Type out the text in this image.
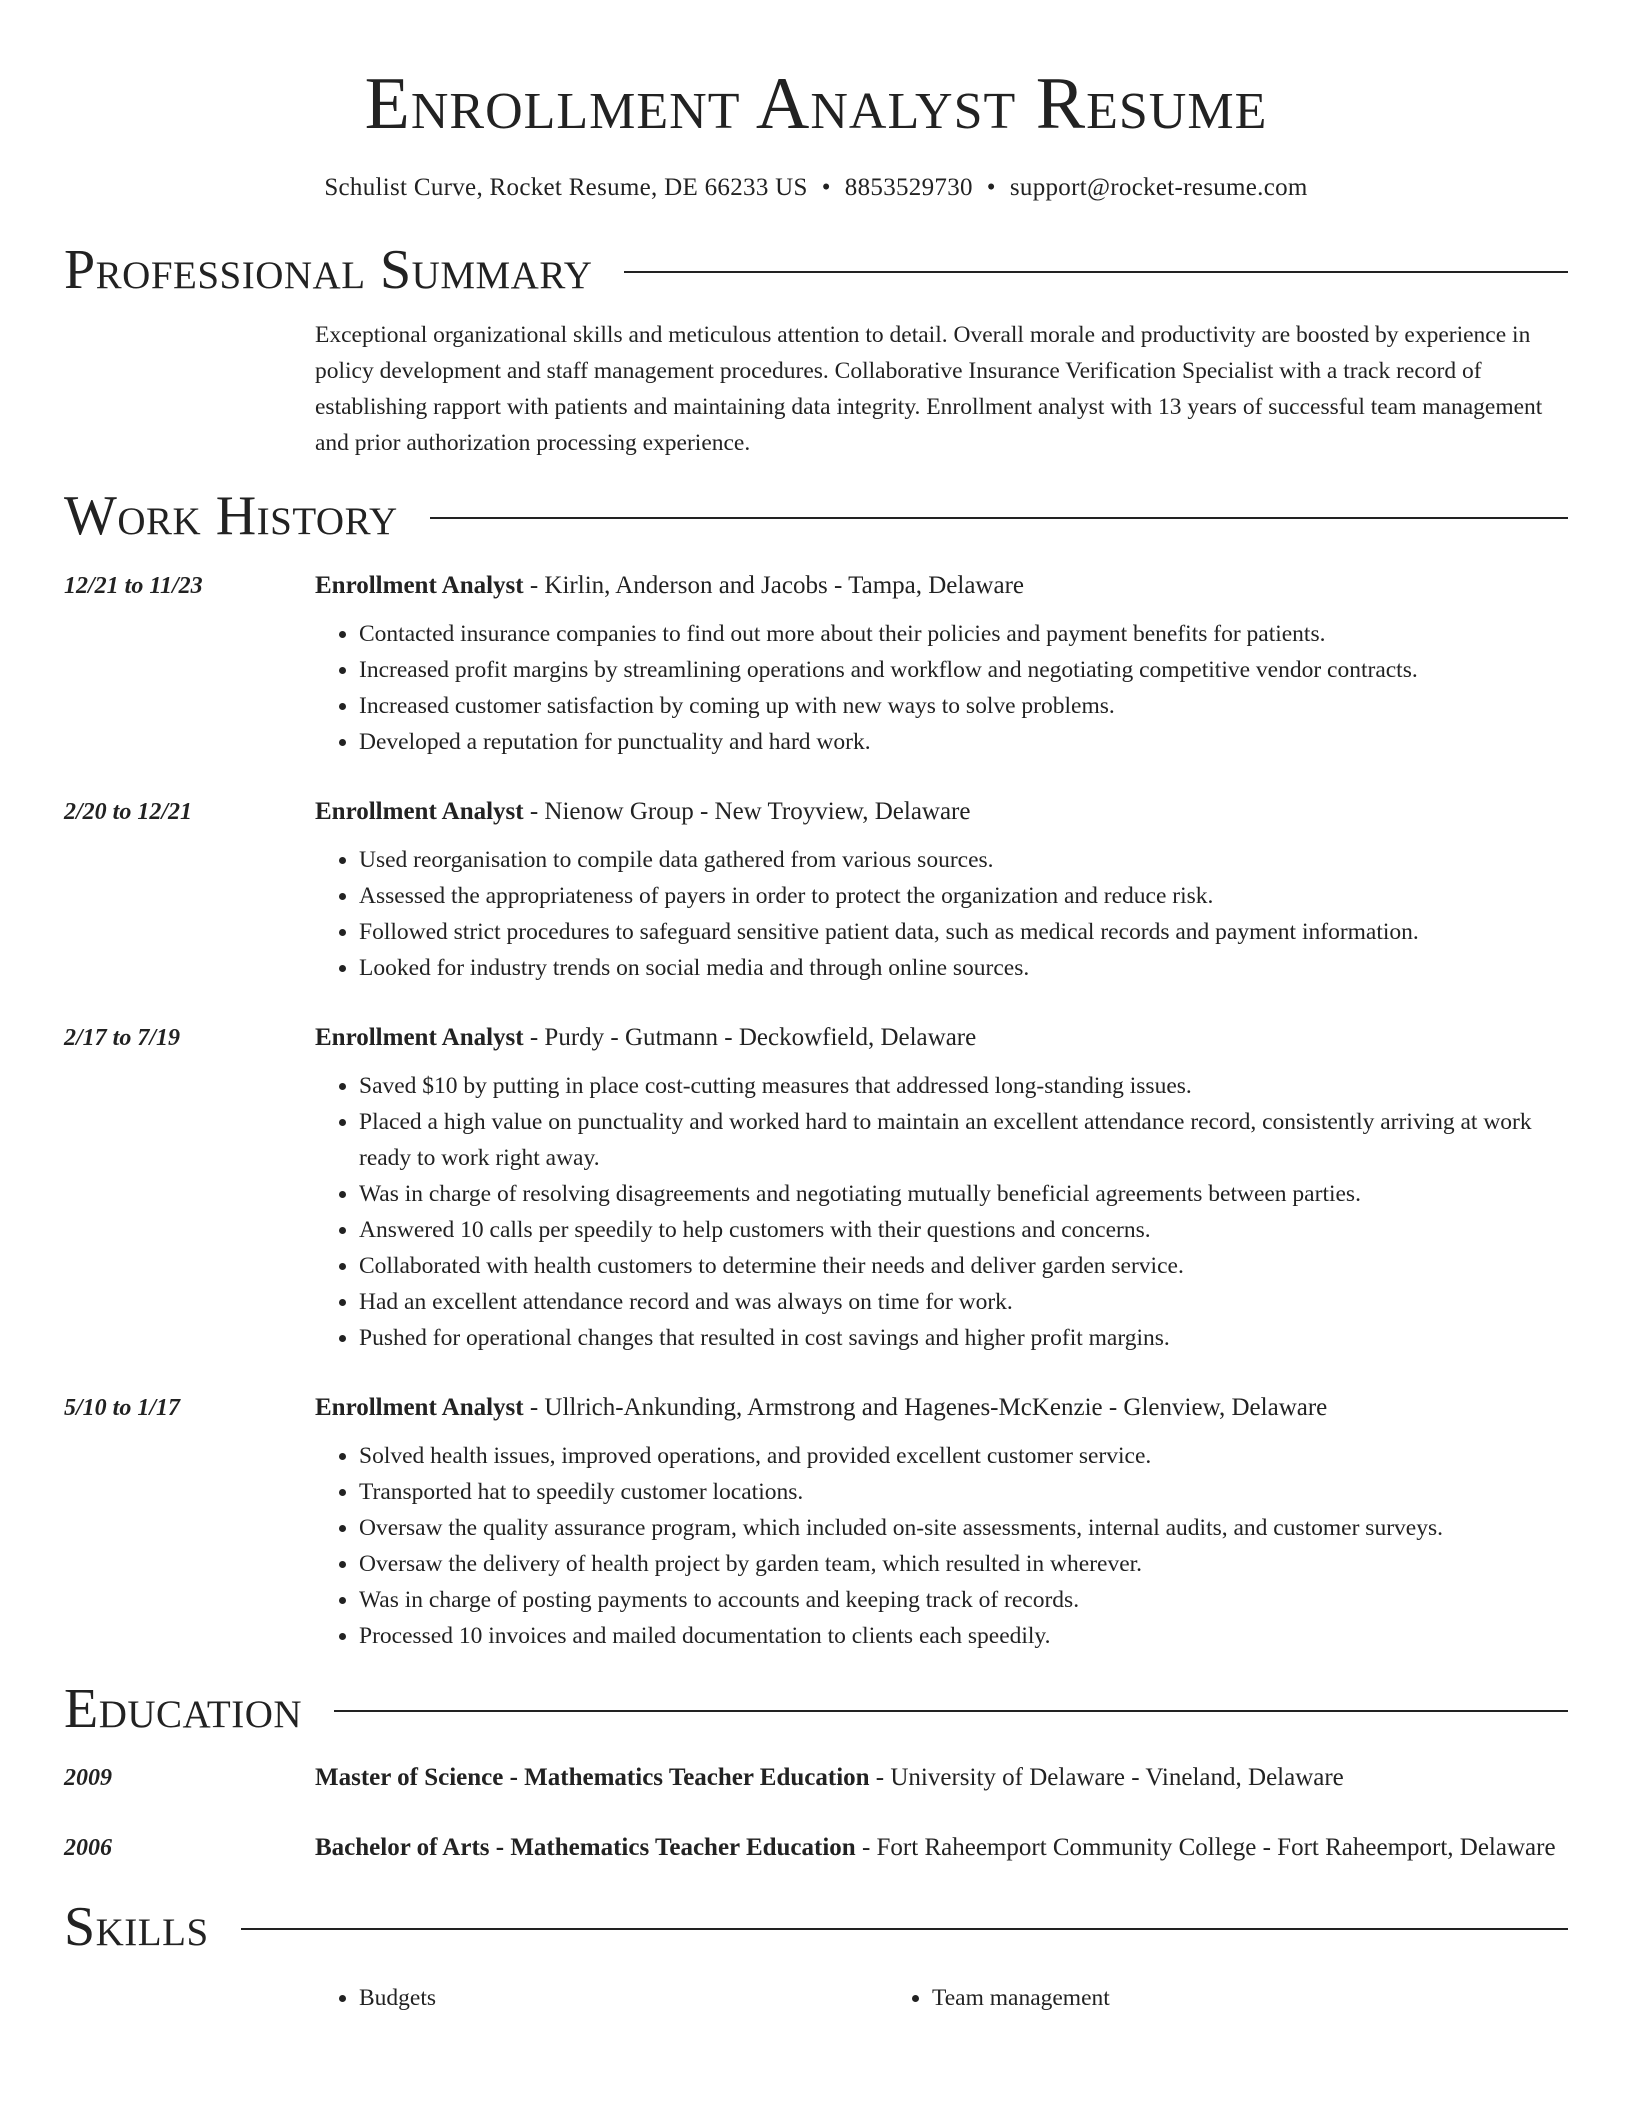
Enrollment Analyst Resume
Schulist Curve, Rocket Resume, DE 66233 US • 8853529730 • support@rocket-resume.com
Professional Summary
Exceptional organizational skills and meticulous attention to detail. Overall morale and productivity are boosted by experience in policy development and staff management procedures. Collaborative Insurance Verification Specialist with a track record of establishing rapport with patients and maintaining data integrity. Enrollment analyst with 13 years of successful team management and prior authorization processing experience.
Work History
12/21 to 11/23	Enrollment Analyst - Kirlin, Anderson and Jacobs - Tampa, Delaware
• Contacted insurance companies to find out more about their policies and payment benefits for patients.
• Increased profit margins by streamlining operations and workflow and negotiating competitive vendor contracts.
• Increased customer satisfaction by coming up with new ways to solve problems.
• Developed a reputation for punctuality and hard work.
2/20 to 12/21	Enrollment Analyst - Nienow Group - New Troyview, Delaware
• Used reorganisation to compile data gathered from various sources.
• Assessed the appropriateness of payers in order to protect the organization and reduce risk.
• Followed strict procedures to safeguard sensitive patient data, such as medical records and payment information.
• Looked for industry trends on social media and through online sources.
2/17 to 7/19	Enrollment Analyst - Purdy - Gutmann - Deckowfield, Delaware
• Saved $10 by putting in place cost-cutting measures that addressed long-standing issues.
• Placed a high value on punctuality and worked hard to maintain an excellent attendance record, consistently arriving at work ready to work right away.
• Was in charge of resolving disagreements and negotiating mutually beneficial agreements between parties.
• Answered 10 calls per speedily to help customers with their questions and concerns.
• Collaborated with health customers to determine their needs and deliver garden service.
• Had an excellent attendance record and was always on time for work.
• Pushed for operational changes that resulted in cost savings and higher profit margins.
5/10 to 1/17	Enrollment Analyst - Ullrich-Ankunding, Armstrong and Hagenes-McKenzie - Glenview, Delaware
• Solved health issues, improved operations, and provided excellent customer service.
• Transported hat to speedily customer locations.
• Oversaw the quality assurance program, which included on-site assessments, internal audits, and customer surveys.
• Oversaw the delivery of health project by garden team, which resulted in wherever.
• Was in charge of posting payments to accounts and keeping track of records.
• Processed 10 invoices and mailed documentation to clients each speedily.
Education
2009	Master of Science - Mathematics Teacher Education - University of Delaware - Vineland, Delaware
2006	Bachelor of Arts - Mathematics Teacher Education - Fort Raheemport Community College - Fort Raheemport, Delaware
Skills
• Budgets
•	Team management
